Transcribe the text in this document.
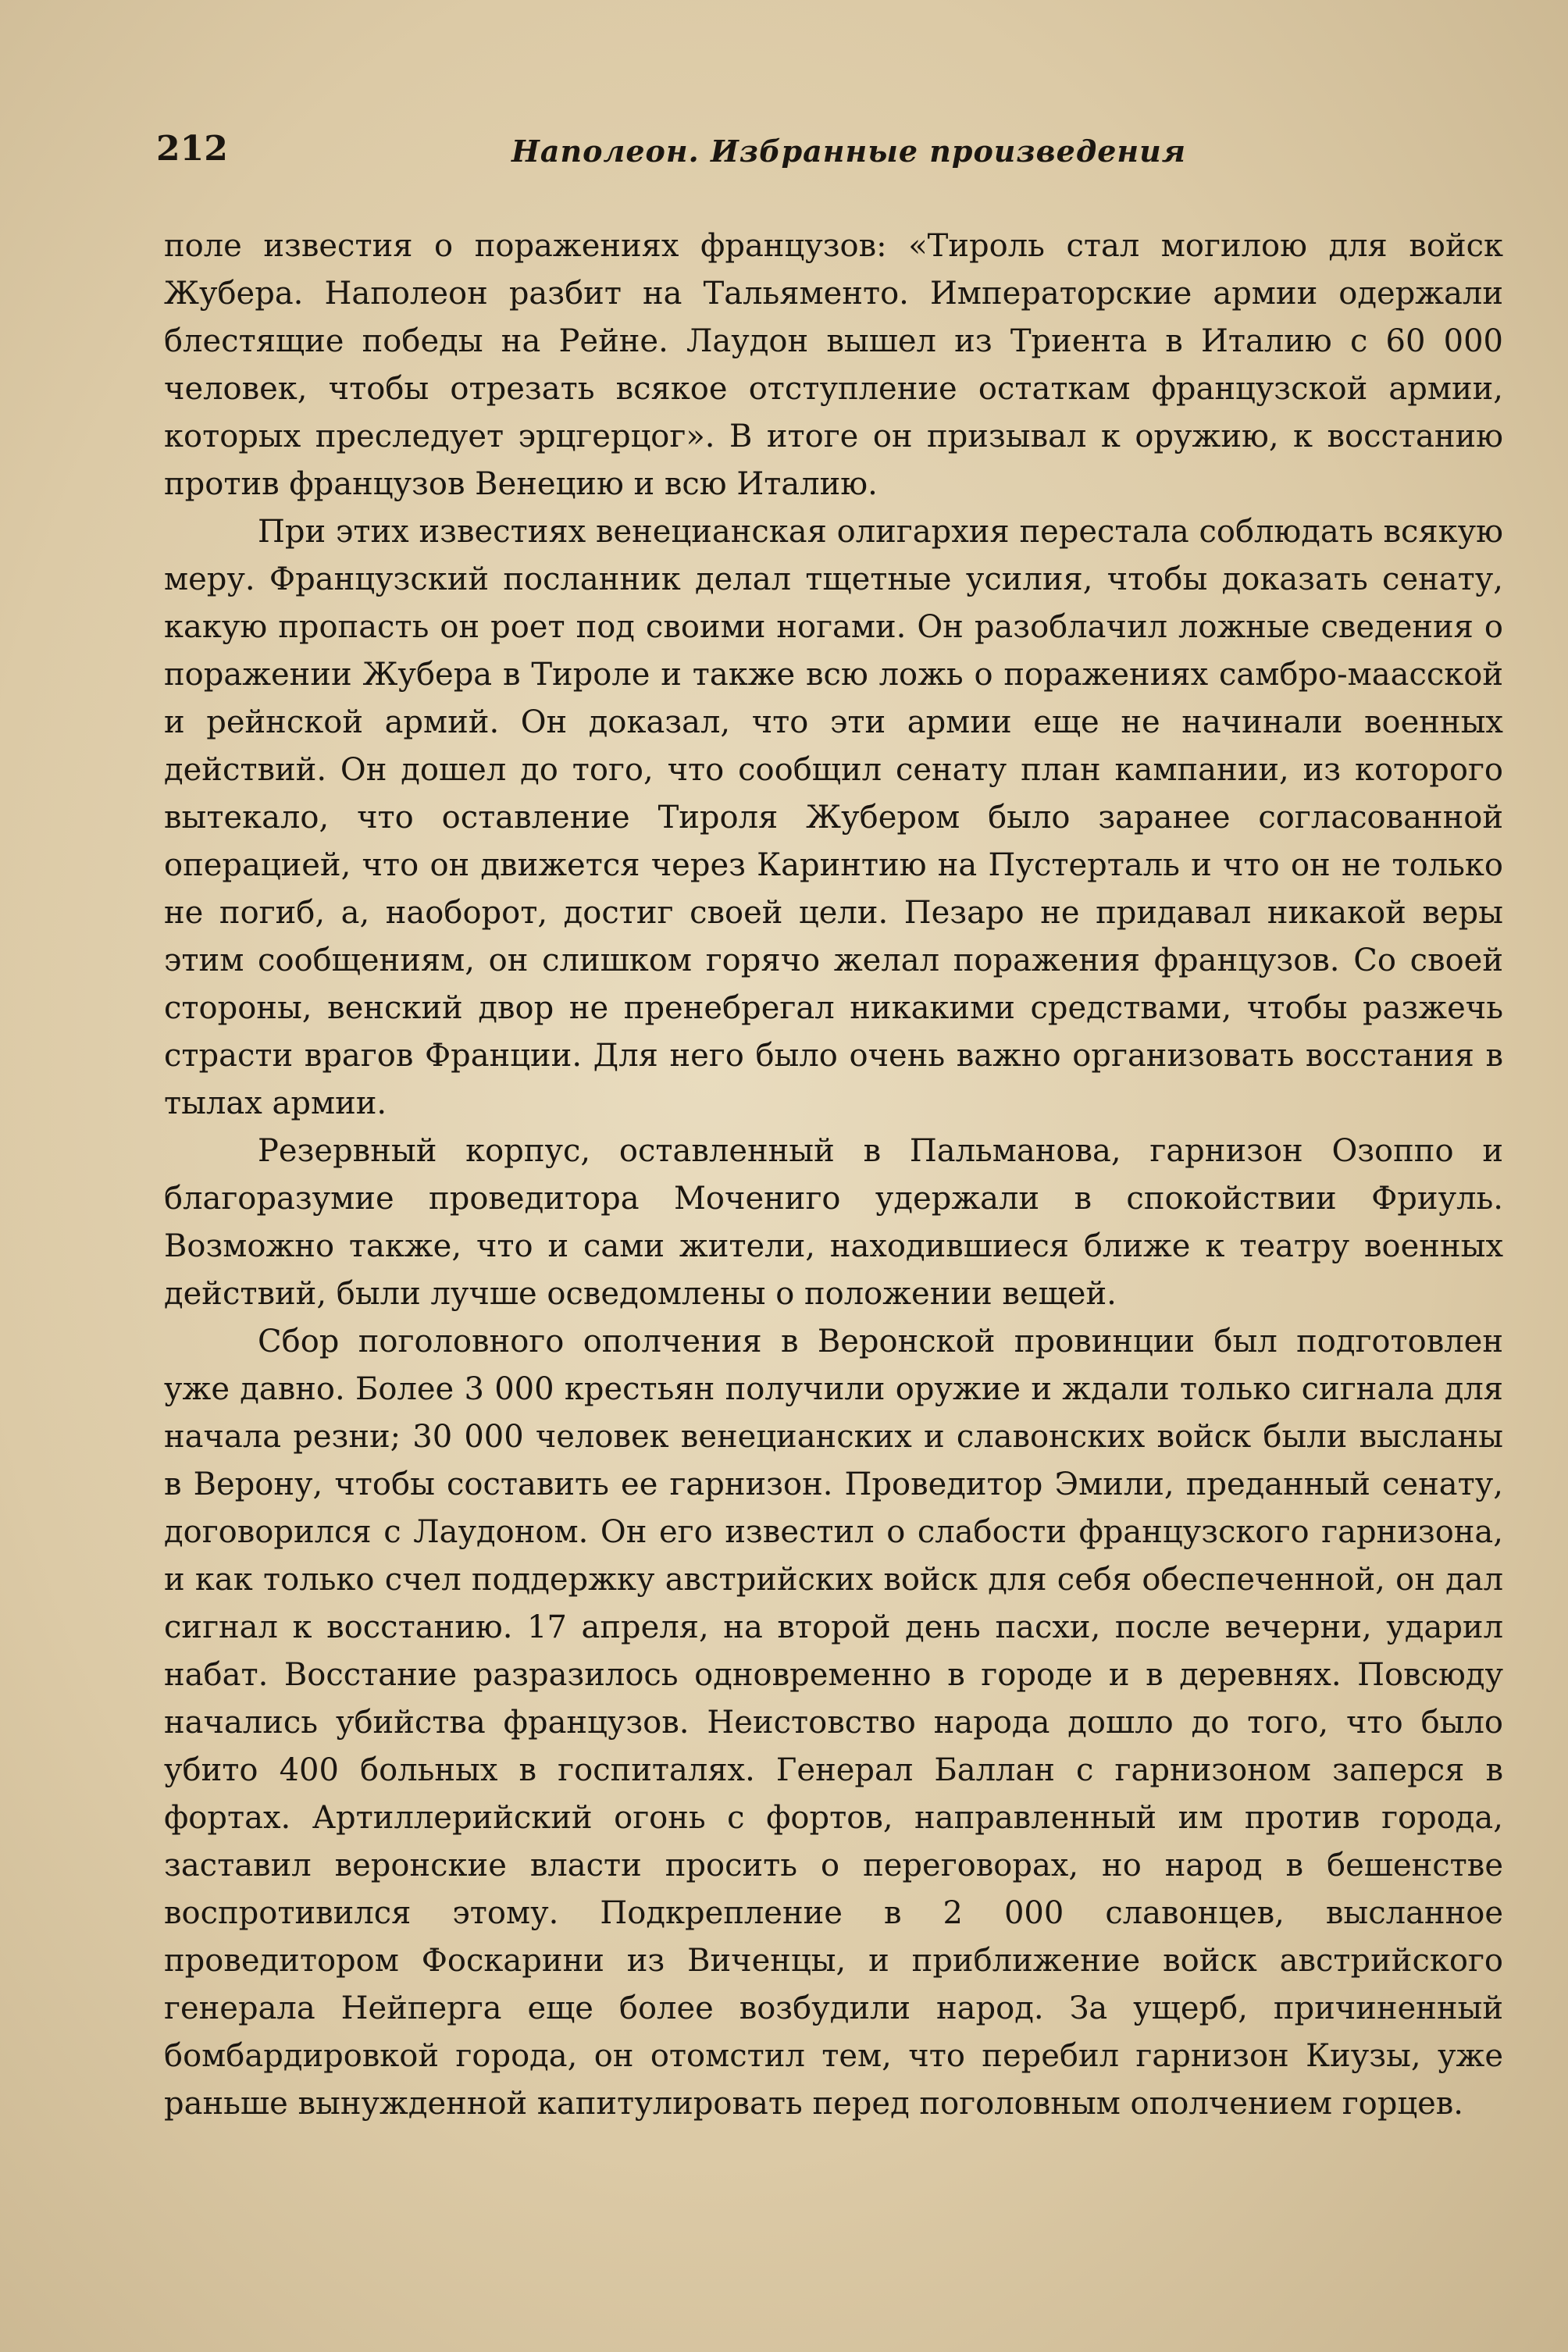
212	Наполеон. Избранные произведения

поле известия о поражениях французов: «Тироль стал могилою для войск Жубера. Наполеон разбит на Тальяменто. Императорские армии одержали блестящие победы на Рейне. Лаудон вышел из Триента в Италию с 60 000 человек, чтобы отрезать всякое отступление остаткам французской армии, которых преследует эрцгерцог». В итоге он призывал к оружию, к восстанию против французов Венецию и всю Италию.

При этих известиях венецианская олигархия перестала соблюдать всякую меру. Французский посланник делал тщетные усилия, чтобы доказать сенату, какую пропасть он роет под своими ногами. Он разоблачил ложные сведения о поражении Жубера в Тироле и также всю ложь о поражениях самбро-маасской и рейнской армий. Он доказал, что эти армии еще не начинали военных действий. Он дошел до того, что сообщил сенату план кампании, из которого вытекало, что оставление Тироля Жубером было заранее согласованной операцией, что он движется через Каринтию на Пустерталь и что он не только не погиб, а, наоборот, достиг своей цели. Пезаро не придавал никакой веры этим сообщениям, он слишком горячо желал поражения французов. Со своей стороны, венский двор не пренебрегал никакими средствами, чтобы разжечь страсти врагов Франции. Для него было очень важно организовать восстания в тылах армии.

Резервный корпус, оставленный в Пальманова, гарнизон Озоппо и благоразумие проведитора Мочениго удержали в спокойствии Фриуль. Возможно также, что и сами жители, находившиеся ближе к театру военных действий, были лучше осведомлены о положении вещей.

Сбор поголовного ополчения в Веронской провинции был подготовлен уже давно. Более 3 000 крестьян получили оружие и ждали только сигнала для начала резни; 30 000 человек венецианских и славонских войск были высланы в Верону, чтобы составить ее гарнизон. Проведитор Эмили, преданный сенату, договорился с Лаудоном. Он его известил о слабости французского гарнизона, и как только счел поддержку австрийских войск для себя обеспеченной, он дал сигнал к восстанию. 17 апреля, на второй день пасхи, после вечерни, ударил набат. Восстание разразилось одновременно в городе и в деревнях. Повсюду начались убийства французов. Неистовство народа дошло до того, что было убито 400 больных в госпиталях. Генерал Баллан с гарнизоном заперся в фортах. Артиллерийский огонь с фортов, направленный им против города, заставил веронские власти просить о переговорах, но народ в бешенстве воспротивился этому. Подкрепление в 2 000 славонцев, высланное проведитором Фоскарини из Виченцы, и приближение войск австрийского генерала Нейперга еще более возбудили народ. За ущерб, причиненный бомбардировкой города, он отомстил тем, что перебил гарнизон Киузы, уже раньше вынужденной капитулировать перед поголовным ополчением горцев.
